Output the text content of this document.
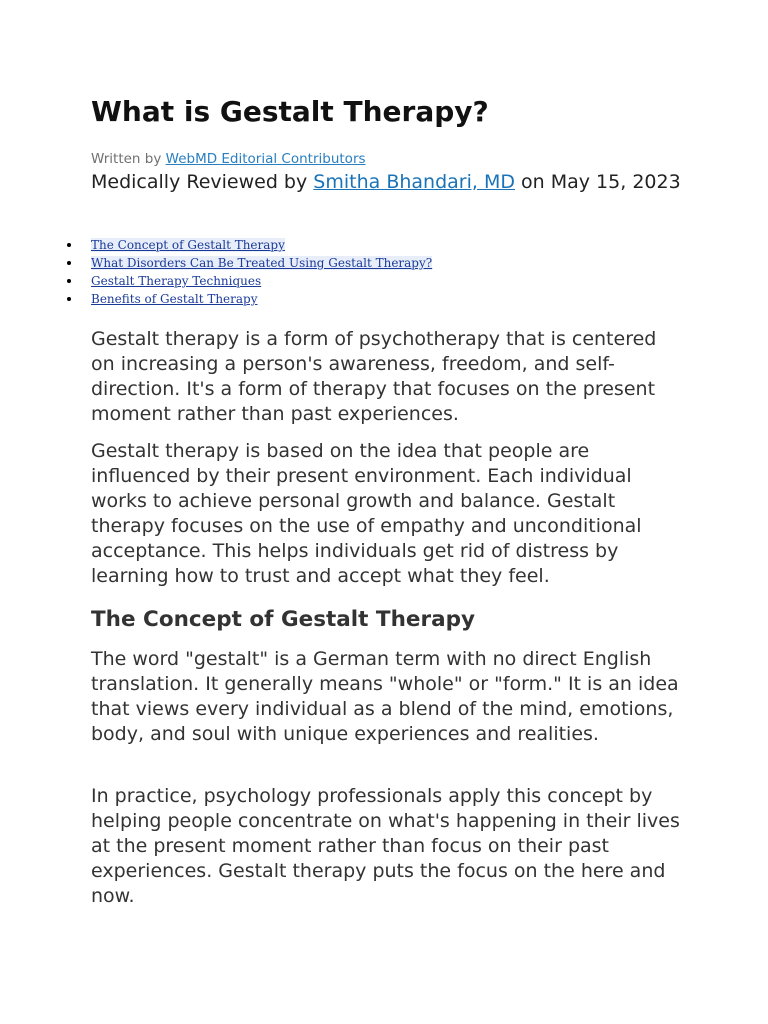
What is Gestalt Therapy?
Written by WebMD Editorial Contributors
Medically Reviewed by Smitha Bhandari, MD on May 15, 2023
The Concept of Gestalt Therapy
What Disorders Can Be Treated Using Gestalt Therapy?
Gestalt Therapy Techniques
Benefits of Gestalt Therapy

Gestalt therapy is a form of psychotherapy that is centered on increasing a person's awareness, freedom, and self-direction. It's a form of therapy that focuses on the present moment rather than past experiences.

Gestalt therapy is based on the idea that people are influenced by their present environment. Each individual works to achieve personal growth and balance. Gestalt therapy focuses on the use of empathy and unconditional acceptance. This helps individuals get rid of distress by learning how to trust and accept what they feel.

The Concept of Gestalt Therapy

The word "gestalt" is a German term with no direct English translation. It generally means "whole" or "form." It is an idea that views every individual as a blend of the mind, emotions, body, and soul with unique experiences and realities.

In practice, psychology professionals apply this concept by helping people concentrate on what's happening in their lives at the present moment rather than focus on their past experiences. Gestalt therapy puts the focus on the here and now.
